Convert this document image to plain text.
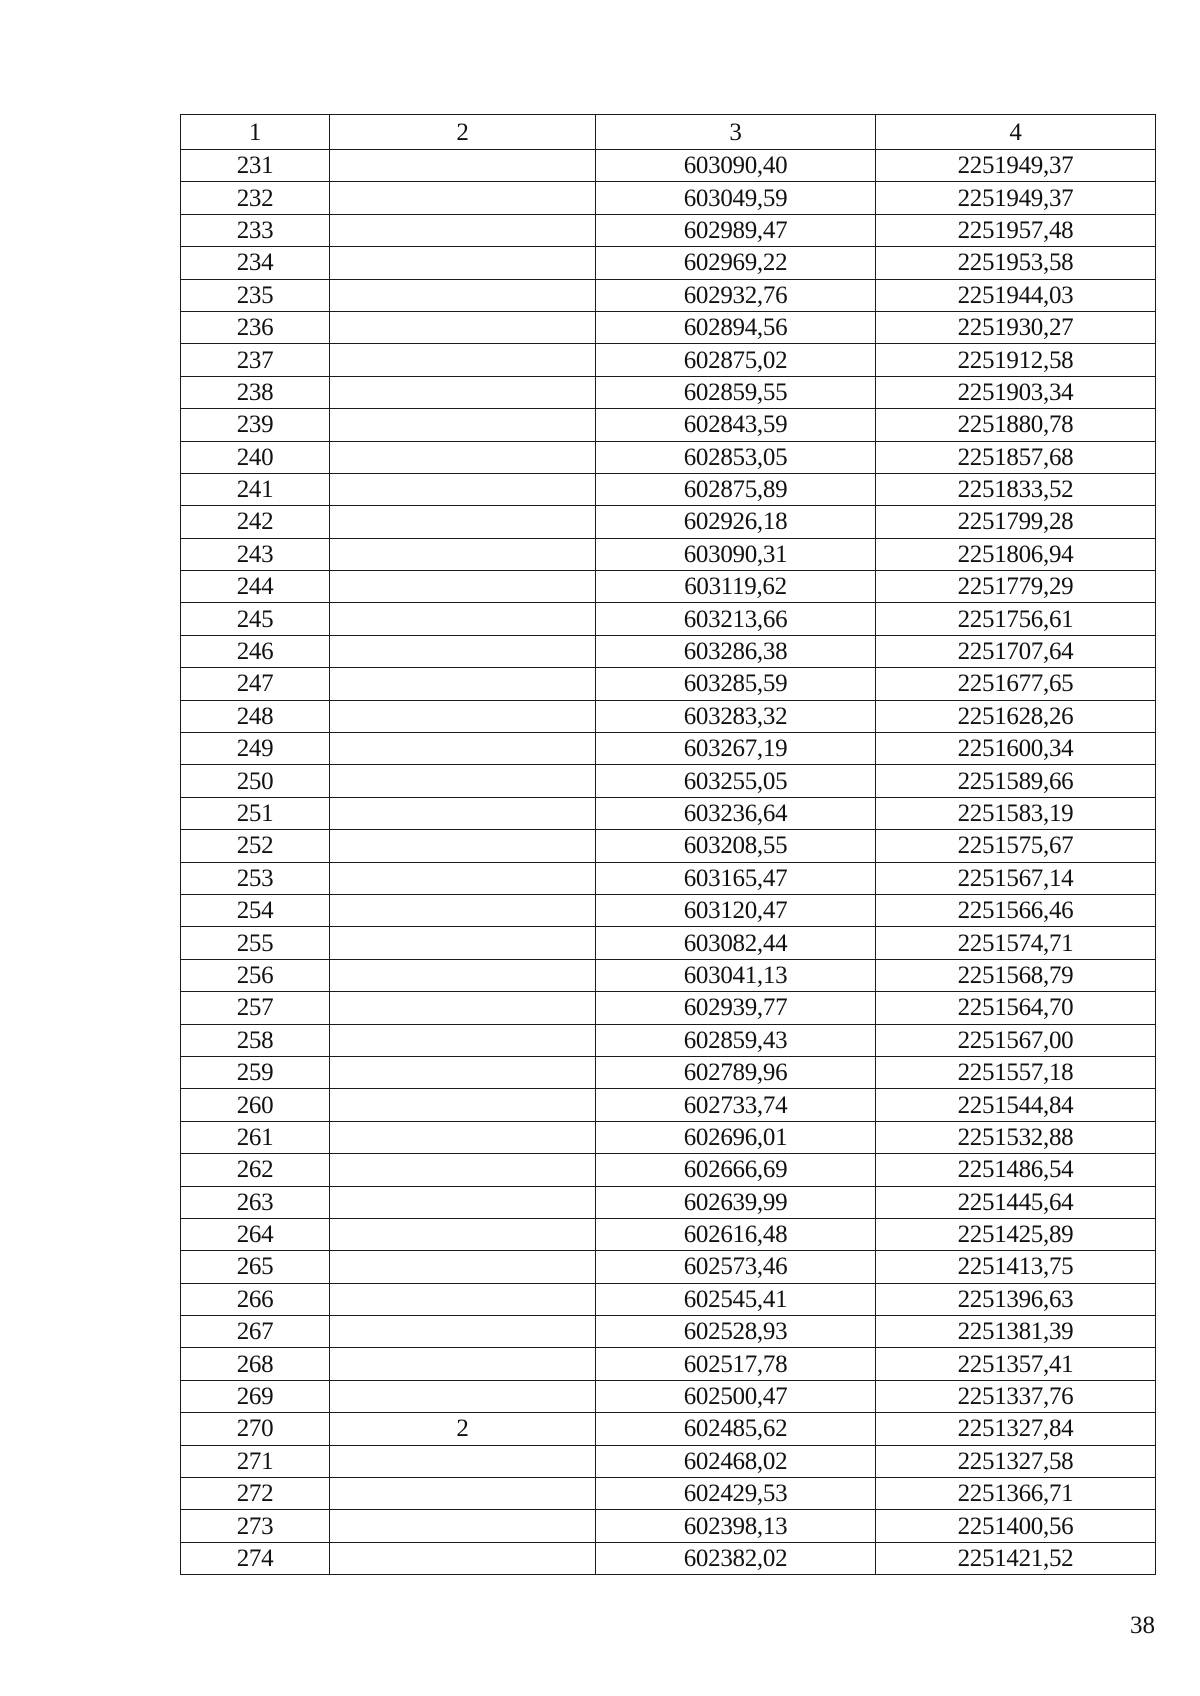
1	2	3	4
231		603090,40	2251949,37
232		603049,59	2251949,37
233		602989,47	2251957,48
234		602969,22	2251953,58
235		602932,76	2251944,03
236		602894,56	2251930,27
237		602875,02	2251912,58
238		602859,55	2251903,34
239		602843,59	2251880,78
240		602853,05	2251857,68
241		602875,89	2251833,52
242		602926,18	2251799,28
243		603090,31	2251806,94
244		603119,62	2251779,29
245		603213,66	2251756,61
246		603286,38	2251707,64
247		603285,59	2251677,65
248		603283,32	2251628,26
249		603267,19	2251600,34
250		603255,05	2251589,66
251		603236,64	2251583,19
252		603208,55	2251575,67
253		603165,47	2251567,14
254		603120,47	2251566,46
255		603082,44	2251574,71
256		603041,13	2251568,79
257		602939,77	2251564,70
258		602859,43	2251567,00
259		602789,96	2251557,18
260		602733,74	2251544,84
261		602696,01	2251532,88
262		602666,69	2251486,54
263		602639,99	2251445,64
264		602616,48	2251425,89
265		602573,46	2251413,75
266		602545,41	2251396,63
267		602528,93	2251381,39
268		602517,78	2251357,41
269		602500,47	2251337,76
270	2	602485,62	2251327,84
271		602468,02	2251327,58
272		602429,53	2251366,71
273		602398,13	2251400,56
274		602382,02	2251421,52
38
